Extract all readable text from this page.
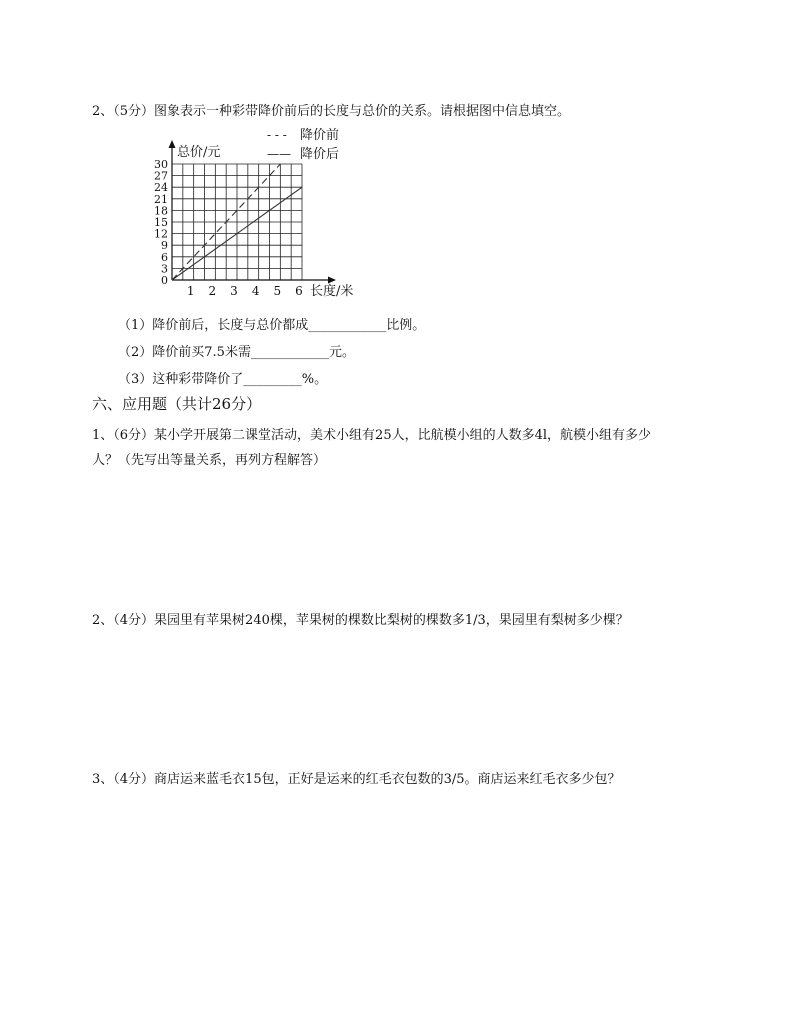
2、（5分）图象表示一种彩带降价前后的长度与总价的关系。请根据图中信息填空。
0
3
6
9
12
15
18
21
24
27
30
1 2 3 4 5 6
总价/元
长度/米
- - - 降价前
—— 降价后
（1）降价前后，长度与总价都成____________比例。
（2）降价前买7.5米需____________元。
（3）这种彩带降价了_________%。
六、应用题（共计26分）
1、（6分）某小学开展第二课堂活动，美术小组有25人，比航模小组的人数多4l，航模小组有多少
人？（先写出等量关系，再列方程解答）
2、（4分）果园里有苹果树240棵，苹果树的棵数比梨树的棵数多1/3，果园里有梨树多少棵？
3、（4分）商店运来蓝毛衣15包，正好是运来的红毛衣包数的3/5。商店运来红毛衣多少包？
